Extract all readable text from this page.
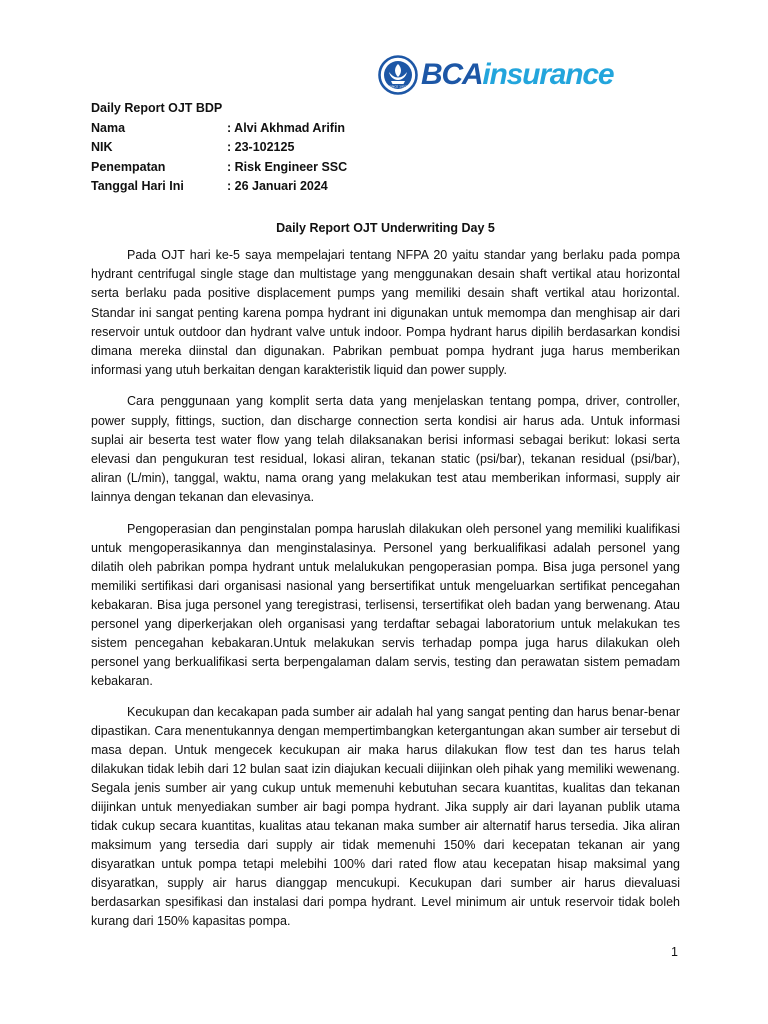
SINCE 1957 BCAinsurance
Daily Report OJT BDP
Nama	: Alvi Akhmad Arifin
NIK	: 23-102125
Penempatan	: Risk Engineer SSC
Tanggal Hari Ini	: 26 Januari 2024
Daily Report OJT Underwriting Day 5

Pada OJT hari ke-5 saya mempelajari tentang NFPA 20 yaitu standar yang berlaku pada pompa hydrant centrifugal single stage dan multistage yang menggunakan desain shaft vertikal atau horizontal serta berlaku pada positive displacement pumps yang memiliki desain shaft vertikal atau horizontal. Standar ini sangat penting karena pompa hydrant ini digunakan untuk memompa dan menghisap air dari reservoir untuk outdoor dan hydrant valve untuk indoor. Pompa hydrant harus dipilih berdasarkan kondisi dimana mereka diinstal dan digunakan. Pabrikan pembuat pompa hydrant juga harus memberikan informasi yang utuh berkaitan dengan karakteristik liquid dan power supply.

Cara penggunaan yang komplit serta data yang menjelaskan tentang pompa, driver, controller, power supply, fittings, suction, dan discharge connection serta kondisi air harus ada. Untuk informasi suplai air beserta test water flow yang telah dilaksanakan berisi informasi sebagai berikut: lokasi serta elevasi dan pengukuran test residual, lokasi aliran, tekanan static (psi/bar), tekanan residual (psi/bar), aliran (L/min), tanggal, waktu, nama orang yang melakukan test atau memberikan informasi, supply air lainnya dengan tekanan dan elevasinya.

Pengoperasian dan penginstalan pompa haruslah dilakukan oleh personel yang memiliki kualifikasi untuk mengoperasikannya dan menginstalasinya. Personel yang berkualifikasi adalah personel yang dilatih oleh pabrikan pompa hydrant untuk melalukukan pengoperasian pompa. Bisa juga personel yang memiliki sertifikasi dari organisasi nasional yang bersertifikat untuk mengeluarkan sertifikat pencegahan kebakaran. Bisa juga personel yang teregistrasi, terlisensi, tersertifikat oleh badan yang berwenang. Atau personel yang diperkerjakan oleh organisasi yang terdaftar sebagai laboratorium untuk melakukan tes sistem pencegahan kebakaran.Untuk melakukan servis terhadap pompa juga harus dilakukan oleh personel yang berkualifikasi serta berpengalaman dalam servis, testing dan perawatan sistem pemadam kebakaran.

Kecukupan dan kecakapan pada sumber air adalah hal yang sangat penting dan harus benar-benar dipastikan. Cara menentukannya dengan mempertimbangkan ketergantungan akan sumber air tersebut di masa depan. Untuk mengecek kecukupan air maka harus dilakukan flow test dan tes harus telah dilakukan tidak lebih dari 12 bulan saat izin diajukan kecuali diijinkan oleh pihak yang memiliki wewenang. Segala jenis sumber air yang cukup untuk memenuhi kebutuhan secara kuantitas, kualitas dan tekanan diijinkan untuk menyediakan sumber air bagi pompa hydrant. Jika supply air dari layanan publik utama tidak cukup secara kuantitas, kualitas atau tekanan maka sumber air alternatif harus tersedia. Jika aliran maksimum yang tersedia dari supply air tidak memenuhi 150% dari kecepatan tekanan air yang disyaratkan untuk pompa tetapi melebihi 100% dari rated flow atau kecepatan hisap maksimal yang disyaratkan, supply air harus dianggap mencukupi. Kecukupan dari sumber air harus dievaluasi berdasarkan spesifikasi dan instalasi dari pompa hydrant. Level minimum air untuk reservoir tidak boleh kurang dari 150% kapasitas pompa.

1
